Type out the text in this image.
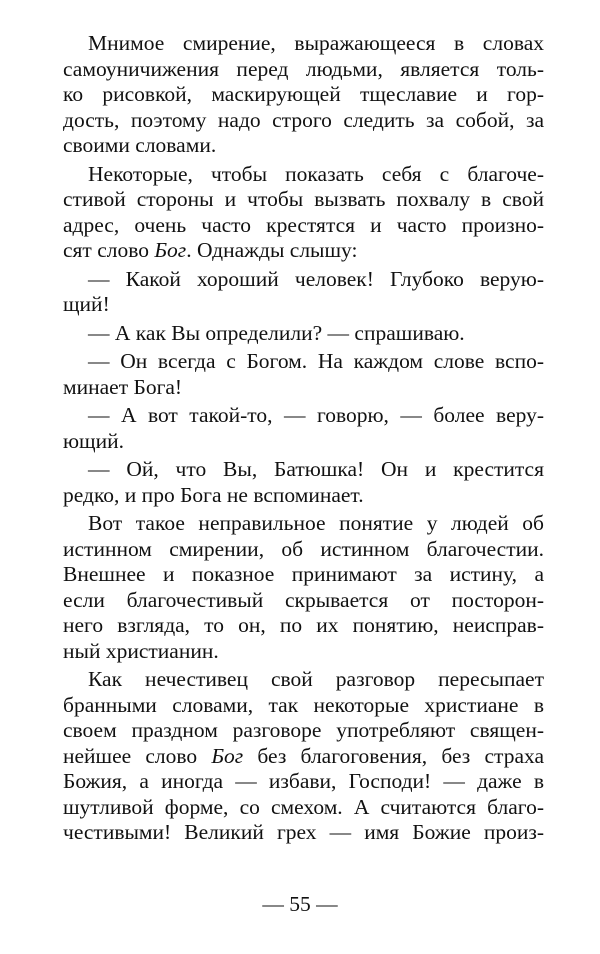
Мнимое смирение, выражающееся в словах
самоуничижения перед людьми, является толь-
ко рисовкой, маскирующей тщеславие и гор-
дость, поэтому надо строго следить за собой, за
своими словами.
Некоторые, чтобы показать себя с благоче-
стивой стороны и чтобы вызвать похвалу в свой
адрес, очень часто крестятся и часто произно-
сят слово Бог. Однажды слышу:
— Какой хороший человек! Глубоко верую-
щий!
— А как Вы определили? — спрашиваю.
— Он всегда с Богом. На каждом слове вспо-
минает Бога!
— А вот такой-то, — говорю, — более веру-
ющий.
— Ой, что Вы, Батюшка! Он и крестится
редко, и про Бога не вспоминает.
Вот такое неправильное понятие у людей об
истинном смирении, об истинном благочестии.
Внешнее и показное принимают за истину, а
если благочестивый скрывается от посторон-
него взгляда, то он, по их понятию, неисправ-
ный христианин.
Как нечестивец свой разговор пересыпает
бранными словами, так некоторые христиане в
своем праздном разговоре употребляют священ-
нейшее слово Бог без благоговения, без страха
Божия, а иногда — избави, Господи! — даже в
шутливой форме, со смехом. А считаются благо-
честивыми! Великий грех — имя Божие произ-
— 55 —
